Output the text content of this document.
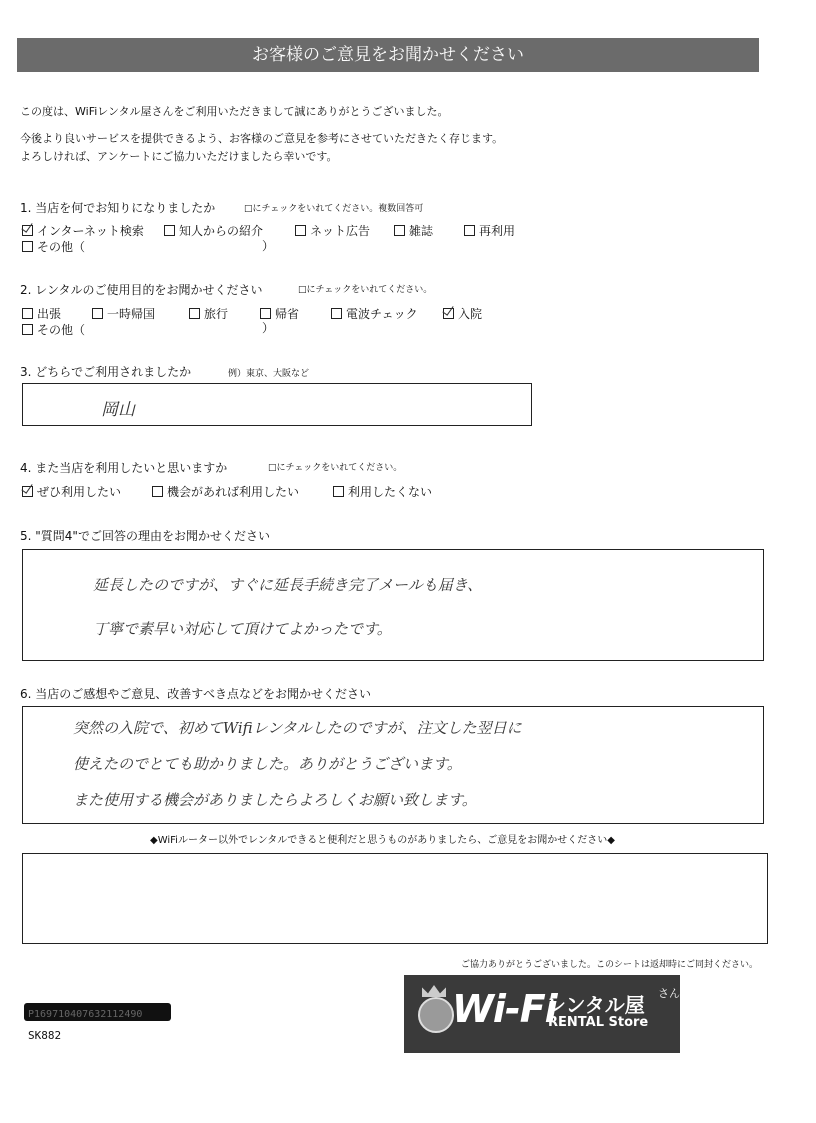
お客様のご意見をお聞かせください
この度は、WiFiレンタル屋さんをご利用いただきまして誠にありがとうございました。
今後より良いサービスを提供できるよう、お客様のご意見を参考にさせていただきたく存じます。
よろしければ、アンケートにご協力いただけましたら幸いです。
1. 当店を何でお知りになりましたか	□にチェックをいれてください。複数回答可
インターネット検索	知人からの紹介	ネット広告	雑誌	再利用
その他（	）
2. レンタルのご使用目的をお聞かせください	□にチェックをいれてください。
出張	一時帰国	旅行	帰省	電波チェック	入院
その他（	）
3. どちらでご利用されましたか	例）東京、大阪など
岡山
4. また当店を利用したいと思いますか	□にチェックをいれてください。
ぜひ利用したい	機会があれば利用したい	利用したくない
5. "質問4"でご回答の理由をお聞かせください
延長したのですが、すぐに延長手続き完了メールも届き、
丁寧で素早い対応して頂けてよかったです。
6. 当店のご感想やご意見、改善すべき点などをお聞かせください
突然の入院で、初めてWifiレンタルしたのですが、注文した翌日に
使えたのでとても助かりました。ありがとうございます。
また使用する機会がありましたらよろしくお願い致します。
◆WiFiルーター以外でレンタルできると便利だと思うものがありましたら、ご意見をお聞かせください◆
ご協力ありがとうございました。このシートは返却時にご同封ください。
P169710407632112490
SK882
Wi-Fi
レンタル屋 さん
RENTAL Store
